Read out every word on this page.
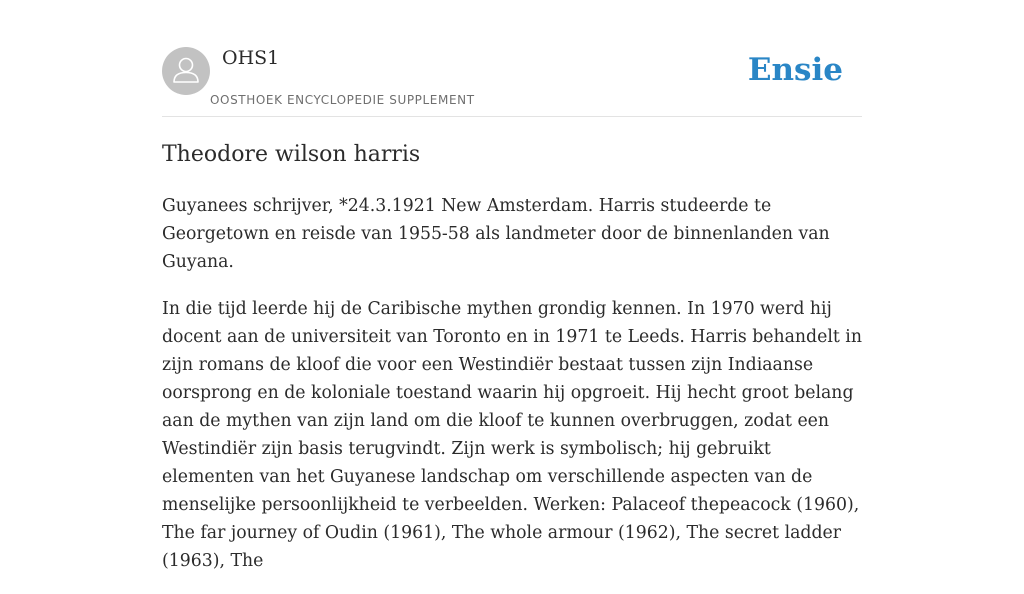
OHS1
OOSTHOEK ENCYCLOPEDIE SUPPLEMENT
Ensie
Theodore wilson harris

Guyanees schrijver, *24.3.1921 New Amsterdam. Harris studeerde te Georgetown en reisde van 1955-58 als landmeter door de binnenlanden van Guyana.

In die tijd leerde hij de Caribische mythen grondig kennen. In 1970 werd hij docent aan de universiteit van Toronto en in 1971 te Leeds. Harris behandelt in zijn romans de kloof die voor een Westindiër bestaat tussen zijn Indiaanse oorsprong en de koloniale toestand waarin hij opgroeit. Hij hecht groot belang aan de mythen van zijn land om die kloof te kunnen overbruggen, zodat een Westindiër zijn basis terugvindt. Zijn werk is symbolisch; hij gebruikt elementen van het Guyanese landschap om verschillende aspecten van de menselijke persoonlijkheid te verbeelden. Werken: Palaceof thepeacock (1960), The far journey of Oudin (1961), The whole armour (1962), The secret ladder (1963), The
